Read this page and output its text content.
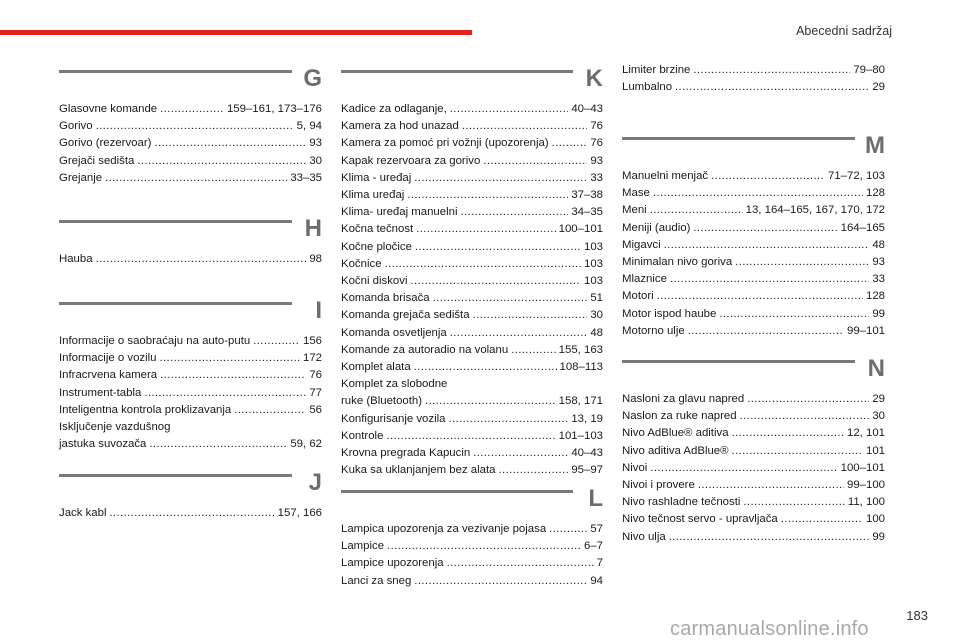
Abecedni sadržaj
G
Glasovne komande . . .	159–161, 173–176
Gorivo . . .	5, 94
Gorivo (rezervoar) . . .	93
Grejači sedišta . . .	30
Grejanje . . .	33–35
H
Hauba . . .	98
I
Informacije o saobraćaju na auto-putu . . .	156
Informacije o vozilu . . .	172
Infracrvena kamera . . .	76
Instrument-tabla . . .	77
Inteligentna kontrola proklizavanja . . .	56
Isključenje vazdušnog
jastuka suvozača . . .	59, 62
J
Jack kabl . . .	157, 166
K
Kadice za odlaganje, . . .	40–43
Kamera za hod unazad . . .	76
Kamera za pomoć pri vožnji (upozorenja) . . .	76
Kapak rezervoara za gorivo . . .	93
Klima - uređaj . . .	33
Klima uređaj . . .	37–38
Klima- uređaj manuelni . . .	34–35
Kočna tečnost . . .	100–101
Kočne pločice . . .	103
Kočnice . . .	103
Kočni diskovi . . .	103
Komanda brisača . . .	51
Komanda grejača sedišta . . .	30
Komanda osvetljenja . . .	48
Komande za autoradio na volanu . . .	155, 163
Komplet alata . . .	108–113
Komplet za slobodne
ruke (Bluetooth) . . .	158, 171
Konfigurisanje vozila . . .	13, 19
Kontrole . . .	101–103
Krovna pregrada Kapucin . . .	40–43
Kuka sa uklanjanjem bez alata . . .	95–97
L
Lampica upozorenja za vezivanje pojasa . . .	57
Lampice . . .	6–7
Lampice upozorenja . . .	7
Lanci za sneg . . .	94
Limiter brzine . . .	79–80
Lumbalno . . .	29
M
Manuelni menjač . . .	71–72, 103
Mase . . .	128
Meni . . .	13, 164–165, 167, 170, 172
Meniji (audio) . . .	164–165
Migavci . . .	48
Minimalan nivo goriva . . .	93
Mlaznice . . .	33
Motori . . .	128
Motor ispod haube . . .	99
Motorno ulje . . .	99–101
N
Nasloni za glavu napred . . .	29
Naslon za ruke napred . . .	30
Nivo AdBlue® aditiva . . .	12, 101
Nivo aditiva AdBlue® . . .	101
Nivoi . . .	100–101
Nivoi i provere . . .	99–100
Nivo rashladne tečnosti . . .	11, 100
Nivo tečnost servo - upravljača . . .	100
Nivo ulja . . .	99
183
carmanualsonline.info
